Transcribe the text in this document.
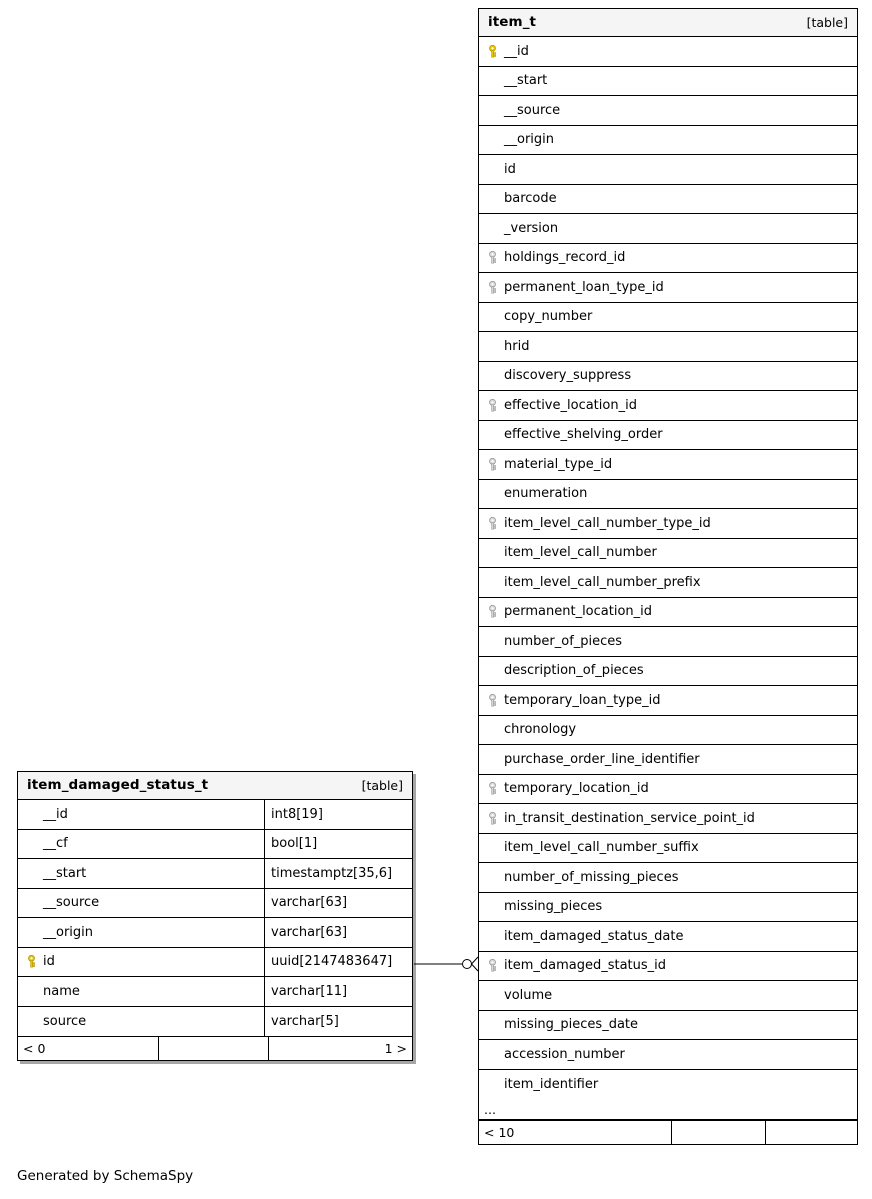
item_t	[table]
__id
__start
__source
__origin
id
barcode
_version
holdings_record_id
permanent_loan_type_id
copy_number
hrid
discovery_suppress
effective_location_id
effective_shelving_order
material_type_id
enumeration
item_level_call_number_type_id
item_level_call_number
item_level_call_number_prefix
permanent_location_id
number_of_pieces
description_of_pieces
temporary_loan_type_id
chronology
purchase_order_line_identifier
temporary_location_id
in_transit_destination_service_point_id
item_level_call_number_suffix
number_of_missing_pieces
missing_pieces
item_damaged_status_date
item_damaged_status_id
volume
missing_pieces_date
accession_number
item_identifier
...
< 10
item_damaged_status_t	[table]
__id	int8[19]
__cf	bool[1]
__start	timestamptz[35,6]
__source	varchar[63]
__origin	varchar[63]
id	uuid[2147483647]
name	varchar[11]
source	varchar[5]
< 0	1 >
Generated by SchemaSpy
